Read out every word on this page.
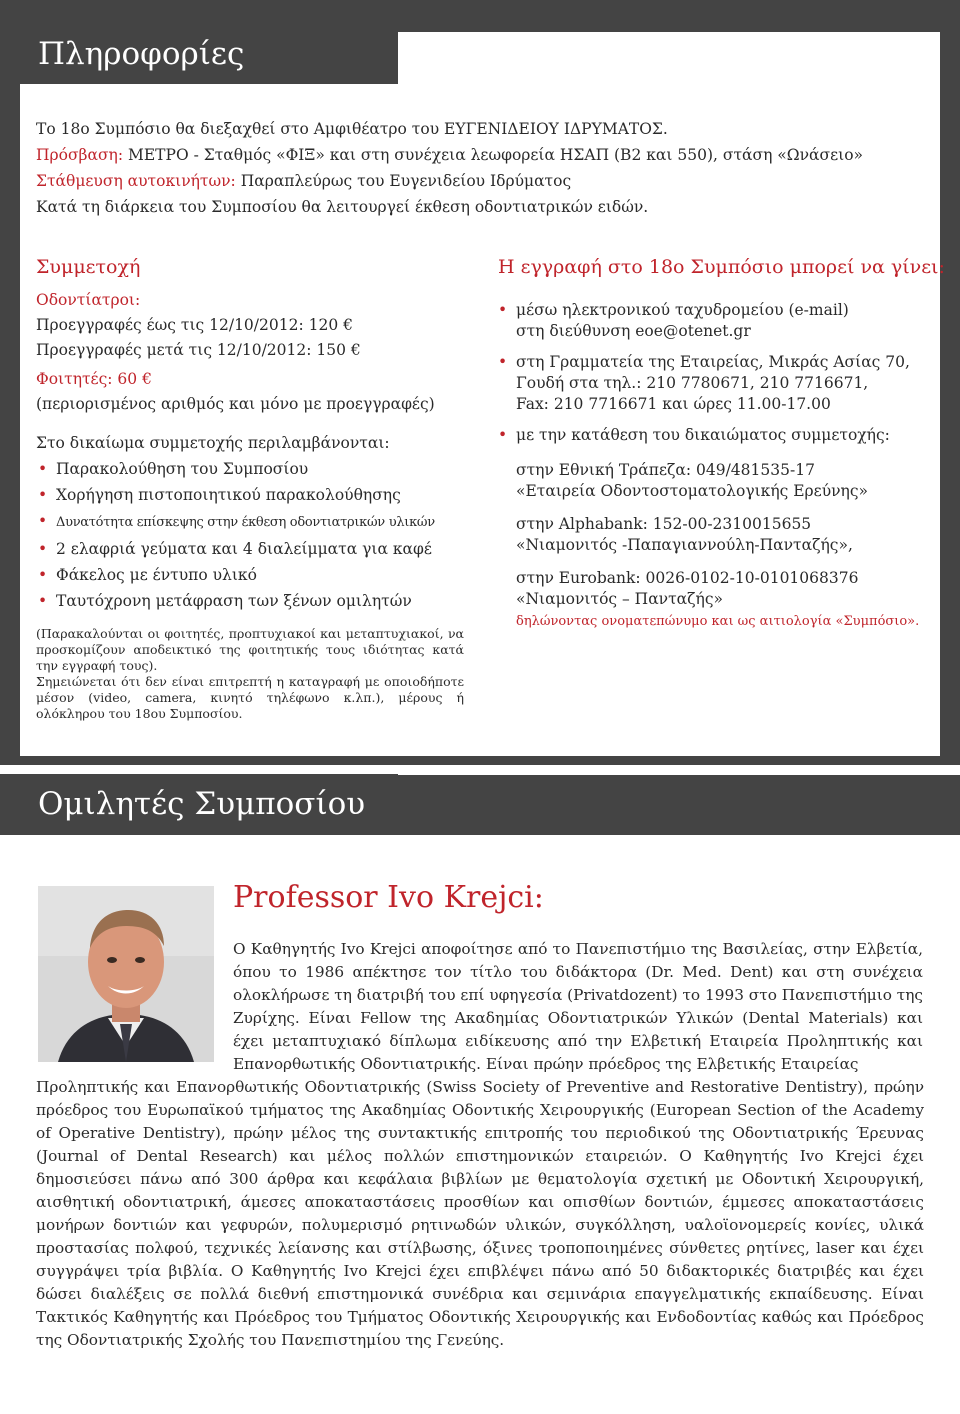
Πληροφορίες
Το 18ο Συμπόσιο θα διεξαχθεί στο Αμφιθέατρο του ΕΥΓΕΝΙΔΕΙΟΥ ΙΔΡΥΜΑΤΟΣ.
Πρόσβαση: ΜΕΤΡΟ - Σταθμός «ΦΙΞ» και στη συνέχεια λεωφορεία ΗΣΑΠ (Β2 και 550), στάση «Ωνάσειο»
Στάθμευση αυτοκινήτων: Παραπλεύρως του Ευγενιδείου Ιδρύματος
Κατά τη διάρκεια του Συμποσίου θα λειτουργεί έκθεση οδοντιατρικών ειδών.
Συμμετοχή
Οδοντίατροι:
Προεγγραφές έως τις 12/10/2012: 120 €
Προεγγραφές μετά τις 12/10/2012: 150 €
Φοιτητές: 60 €
(περιορισμένος αριθμός και μόνο με προεγγραφές)
Στο δικαίωμα συμμετοχής περιλαμβάνονται:
• Παρακολούθηση του Συμποσίου
• Χορήγηση πιστοποιητικού παρακολούθησης
• Δυνατότητα επίσκεψης στην έκθεση οδοντιατρικών υλικών
• 2 ελαφριά γεύματα και 4 διαλείμματα για καφέ
• Φάκελος με έντυπο υλικό
• Ταυτόχρονη μετάφραση των ξένων ομιλητών
(Παρακαλούνται οι φοιτητές, προπτυχιακοί και μεταπτυχιακοί, να προσκομίζουν αποδεικτικό της φοιτητικής τους ιδιότητας κατά την εγγραφή τους).
Σημειώνεται ότι δεν είναι επιτρεπτή η καταγραφή με οποιοδήποτε μέσον (video, camera, κινητό τηλέφωνο κ.λπ.), μέρους ή ολόκληρου του 18ου Συμποσίου.
Η εγγραφή στο 18ο Συμπόσιο μπορεί να γίνει:
• μέσω ηλεκτρονικού ταχυδρομείου (e-mail)
στη διεύθυνση eoe@otenet.gr
• στη Γραμματεία της Εταιρείας, Μικράς Ασίας 70,
Γουδή στα τηλ.: 210 7780671, 210 7716671,
Fax: 210 7716671 και ώρες 11.00-17.00
• με την κατάθεση του δικαιώματος συμμετοχής:
στην Εθνική Τράπεζα: 049/481535-17
«Εταιρεία Οδοντοστοματολογικής Ερεύνης»
στην Alphabank: 152-00-2310015655
«Νιαμονιτός -Παπαγιαννούλη-Πανταζής»,
στην Eurobank: 0026-0102-10-0101068376
«Νιαμονιτός – Πανταζής»
δηλώνοντας ονοματεπώνυμο και ως αιτιολογία «Συμπόσιο».
Ομιλητές Συμποσίου
Professor Ivo Krejci:
Ο Καθηγητής Ivo Krejci αποφοίτησε από το Πανεπιστήμιο της Βασιλείας, στην Ελβετία, όπου το 1986 απέκτησε τον τίτλο του διδάκτορα (Dr. Med. Dent) και στη συνέχεια ολοκλήρωσε τη διατριβή του επί υφηγεσία (Privatdozent) το 1993 στο Πανεπιστήμιο της Ζυρίχης. Είναι Fellow της Ακαδημίας Οδοντιατρικών Υλικών (Dental Materials) και έχει μεταπτυχιακό δίπλωμα ειδίκευσης από την Ελβετική Εταιρεία Προληπτικής και Επανορθωτικής Οδοντιατρικής. Είναι πρώην πρόεδρος της Ελβετικής Εταιρείας
Προληπτικής και Επανορθωτικής Οδοντιατρικής (Swiss Society of Preventive and Restorative Dentistry), πρώην πρόεδρος του Ευρωπαϊκού τμήματος της Ακαδημίας Οδοντικής Χειρουργικής (European Section of the Academy of Operative Dentistry), πρώην μέλος της συντακτικής επιτροπής του περιοδικού της Οδοντιατρικής Έρευνας (Journal of Dental Research) και μέλος πολλών επιστημονικών εταιρειών. Ο Καθηγητής Ivo Krejci έχει δημοσιεύσει πάνω από 300 άρθρα και κεφάλαια βιβλίων με θεματολογία σχετική με Οδοντική Χειρουργική, αισθητική οδοντιατρική, άμεσες αποκαταστάσεις προσθίων και οπισθίων δοντιών, έμμεσες αποκαταστάσεις μονήρων δοντιών και γεφυρών, πολυμερισμό ρητινωδών υλικών, συγκόλληση, υαλοϊονομερείς κονίες, υλικά προστασίας πολφού, τεχνικές λείανσης και στίλβωσης, όξινες τροποποιημένες σύνθετες ρητίνες, laser και έχει συγγράψει τρία βιβλία. Ο Καθηγητής Ivo Krejci έχει επιβλέψει πάνω από 50 διδακτορικές διατριβές και έχει δώσει διαλέξεις σε πολλά διεθνή επιστημονικά συνέδρια και σεμινάρια επαγγελματικής εκπαίδευσης. Είναι Τακτικός Καθηγητής και Πρόεδρος του Τμήματος Οδοντικής Χειρουργικής και Ενδοδοντίας καθώς και Πρόεδρος της Οδοντιατρικής Σχολής του Πανεπιστημίου της Γενεύης.
